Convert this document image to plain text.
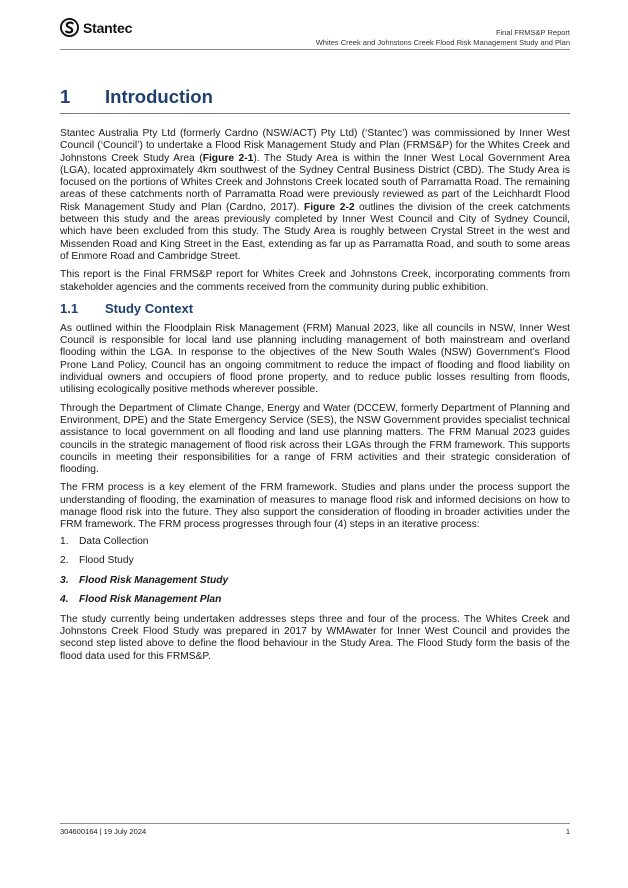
Stantec	Final FRMS&P Report
Whites Creek and Johnstons Creek Flood Risk Management Study and Plan
1 Introduction

Stantec Australia Pty Ltd (formerly Cardno (NSW/ACT) Pty Ltd) (‘Stantec’) was commissioned by Inner West Council (‘Council’) to undertake a Flood Risk Management Study and Plan (FRMS&P) for the Whites Creek and Johnstons Creek Study Area (Figure 2-1). The Study Area is within the Inner West Local Government Area (LGA), located approximately 4km southwest of the Sydney Central Business District (CBD). The Study Area is focused on the portions of Whites Creek and Johnstons Creek located south of Parramatta Road. The remaining areas of these catchments north of Parramatta Road were previously reviewed as part of the Leichhardt Flood Risk Management Study and Plan (Cardno, 2017). Figure 2-2 outlines the division of the creek catchments between this study and the areas previously completed by Inner West Council and City of Sydney Council, which have been excluded from this study. The Study Area is roughly between Crystal Street in the west and Missenden Road and King Street in the East, extending as far up as Parramatta Road, and south to some areas of Enmore Road and Cambridge Street.

This report is the Final FRMS&P report for Whites Creek and Johnstons Creek, incorporating comments from stakeholder agencies and the comments received from the community during public exhibition.

1.1 Study Context

As outlined within the Floodplain Risk Management (FRM) Manual 2023, like all councils in NSW, Inner West Council is responsible for local land use planning including management of both mainstream and overland flooding within the LGA. In response to the objectives of the New South Wales (NSW) Government’s Flood Prone Land Policy, Council has an ongoing commitment to reduce the impact of flooding and flood liability on individual owners and occupiers of flood prone property, and to reduce public losses resulting from floods, utilising ecologically positive methods wherever possible.

Through the Department of Climate Change, Energy and Water (DCCEW, formerly Department of Planning and Environment, DPE) and the State Emergency Service (SES), the NSW Government provides specialist technical assistance to local government on all flooding and land use planning matters. The FRM Manual 2023 guides councils in the strategic management of flood risk across their LGAs through the FRM framework. This supports councils in meeting their responsibilities for a range of FRM activities and their strategic consideration of flooding.

The FRM process is a key element of the FRM framework. Studies and plans under the process support the understanding of flooding, the examination of measures to manage flood risk and informed decisions on how to manage flood risk into the future. They also support the consideration of flooding in broader activities under the FRM framework. The FRM process progresses through four (4) steps in an iterative process:

1.	Data Collection
2.	Flood Study
3.	Flood Risk Management Study
4.	Flood Risk Management Plan

The study currently being undertaken addresses steps three and four of the process. The Whites Creek and Johnstons Creek Flood Study was prepared in 2017 by WMAwater for Inner West Council and provides the second step listed above to define the flood behaviour in the Study Area. The Flood Study form the basis of the flood data used for this FRMS&P.

304600164 | 19 July 2024	1
